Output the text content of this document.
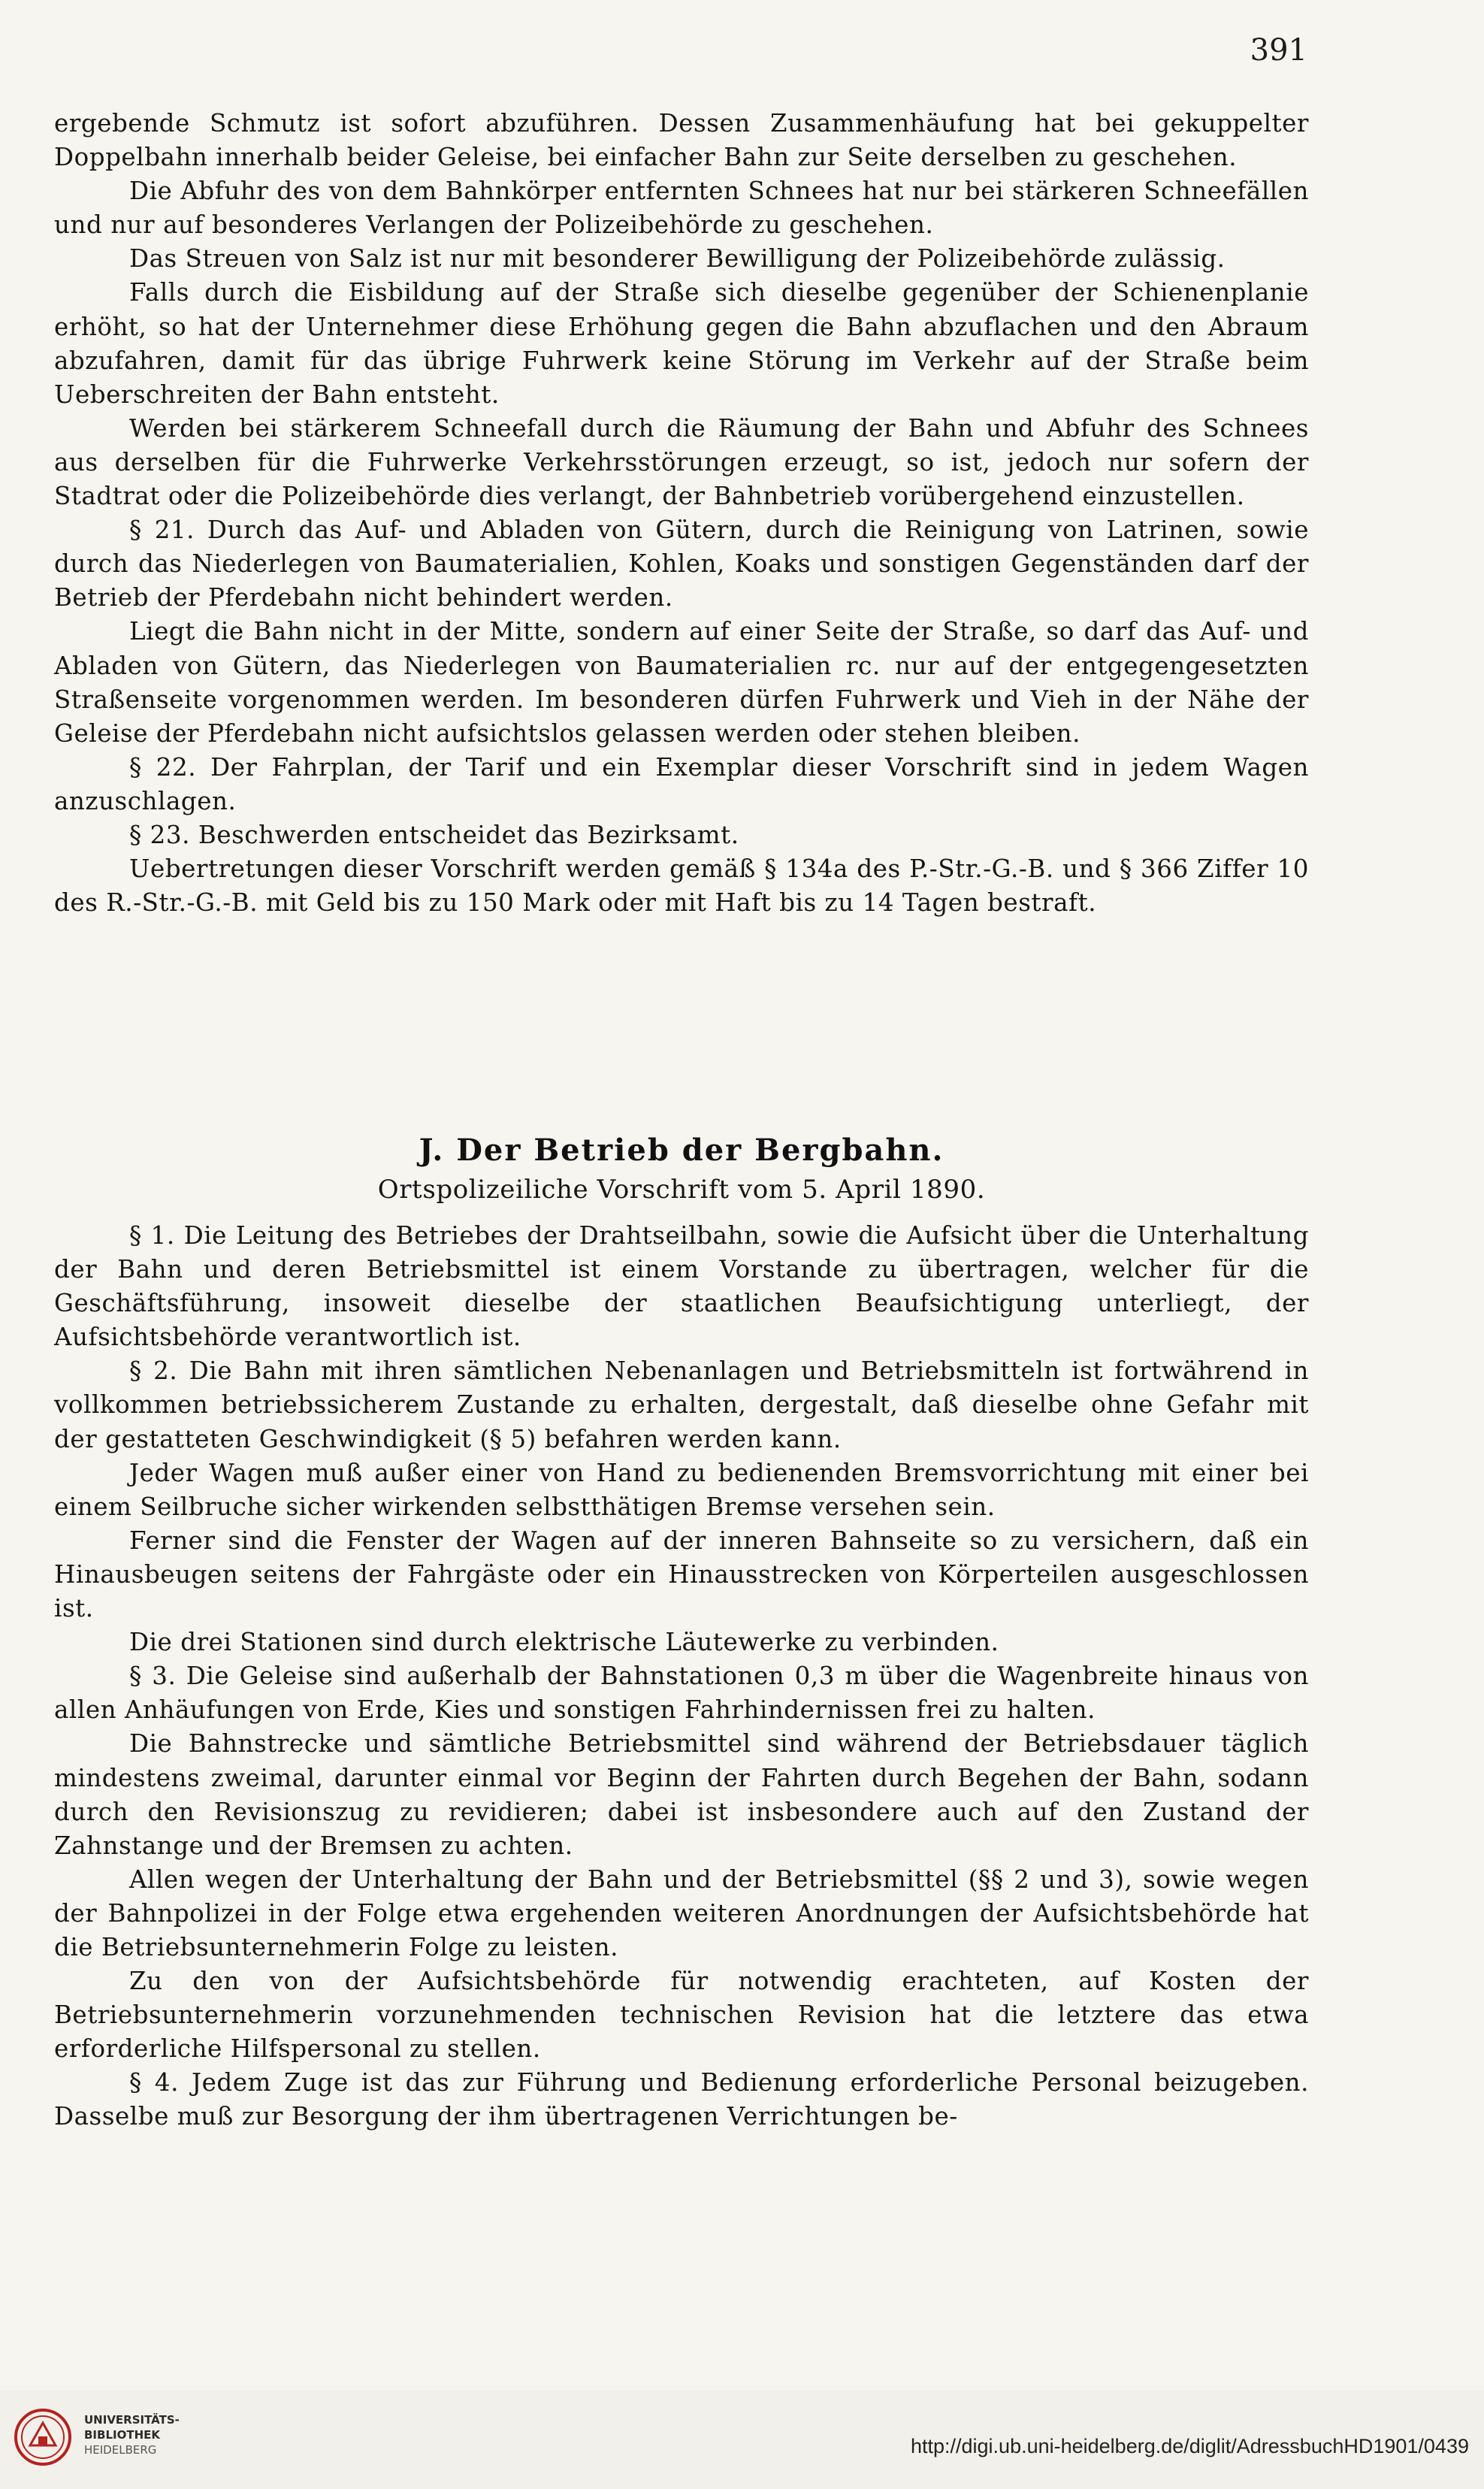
391

ergebende Schmutz ist sofort abzuführen. Dessen Zusammenhäufung hat bei gekuppelter Doppelbahn innerhalb beider Geleise, bei einfacher Bahn zur Seite derselben zu geschehen.

Die Abfuhr des von dem Bahnkörper entfernten Schnees hat nur bei stärkeren Schneefällen und nur auf besonderes Verlangen der Polizeibehörde zu geschehen.

Das Streuen von Salz ist nur mit besonderer Bewilligung der Polizeibehörde zulässig.

Falls durch die Eisbildung auf der Straße sich dieselbe gegenüber der Schienenplanie erhöht, so hat der Unternehmer diese Erhöhung gegen die Bahn abzuflachen und den Abraum abzufahren, damit für das übrige Fuhrwerk keine Störung im Verkehr auf der Straße beim Ueberschreiten der Bahn entsteht.

Werden bei stärkerem Schneefall durch die Räumung der Bahn und Abfuhr des Schnees aus derselben für die Fuhrwerke Verkehrsstörungen erzeugt, so ist, jedoch nur sofern der Stadtrat oder die Polizeibehörde dies verlangt, der Bahnbetrieb vorübergehend einzustellen.

§ 21. Durch das Auf- und Abladen von Gütern, durch die Reinigung von Latrinen, sowie durch das Niederlegen von Baumaterialien, Kohlen, Koaks und sonstigen Gegenständen darf der Betrieb der Pferdebahn nicht behindert werden.

Liegt die Bahn nicht in der Mitte, sondern auf einer Seite der Straße, so darf das Auf- und Abladen von Gütern, das Niederlegen von Baumaterialien rc. nur auf der entgegengesetzten Straßenseite vorgenommen werden. Im besonderen dürfen Fuhrwerk und Vieh in der Nähe der Geleise der Pferdebahn nicht aufsichtslos gelassen werden oder stehen bleiben.

§ 22. Der Fahrplan, der Tarif und ein Exemplar dieser Vorschrift sind in jedem Wagen anzuschlagen.

§ 23. Beschwerden entscheidet das Bezirksamt.

Uebertretungen dieser Vorschrift werden gemäß § 134a des P.-Str.-G.-B. und § 366 Ziffer 10 des R.-Str.-G.-B. mit Geld bis zu 150 Mark oder mit Haft bis zu 14 Tagen bestraft.

J. Der Betrieb der Bergbahn.
Ortspolizeiliche Vorschrift vom 5. April 1890.

§ 1. Die Leitung des Betriebes der Drahtseilbahn, sowie die Aufsicht über die Unterhaltung der Bahn und deren Betriebsmittel ist einem Vorstande zu übertragen, welcher für die Geschäftsführung, insoweit dieselbe der staatlichen Beaufsichtigung unterliegt, der Aufsichtsbehörde verantwortlich ist.

§ 2. Die Bahn mit ihren sämtlichen Nebenanlagen und Betriebsmitteln ist fortwährend in vollkommen betriebssicherem Zustande zu erhalten, dergestalt, daß dieselbe ohne Gefahr mit der gestatteten Geschwindigkeit (§ 5) befahren werden kann.

Jeder Wagen muß außer einer von Hand zu bedienenden Bremsvorrichtung mit einer bei einem Seilbruche sicher wirkenden selbstthätigen Bremse versehen sein.

Ferner sind die Fenster der Wagen auf der inneren Bahnseite so zu versichern, daß ein Hinausbeugen seitens der Fahrgäste oder ein Hinausstrecken von Körperteilen ausgeschlossen ist.

Die drei Stationen sind durch elektrische Läutewerke zu verbinden.

§ 3. Die Geleise sind außerhalb der Bahnstationen 0,3 m über die Wagenbreite hinaus von allen Anhäufungen von Erde, Kies und sonstigen Fahrhindernissen frei zu halten.

Die Bahnstrecke und sämtliche Betriebsmittel sind während der Betriebsdauer täglich mindestens zweimal, darunter einmal vor Beginn der Fahrten durch Begehen der Bahn, sodann durch den Revisionszug zu revidieren; dabei ist insbesondere auch auf den Zustand der Zahnstange und der Bremsen zu achten.

Allen wegen der Unterhaltung der Bahn und der Betriebsmittel (§§ 2 und 3), sowie wegen der Bahnpolizei in der Folge etwa ergehenden weiteren Anordnungen der Aufsichtsbehörde hat die Betriebsunternehmerin Folge zu leisten.

Zu den von der Aufsichtsbehörde für notwendig erachteten, auf Kosten der Betriebsunternehmerin vorzunehmenden technischen Revision hat die letztere das etwa erforderliche Hilfspersonal zu stellen.

§ 4. Jedem Zuge ist das zur Führung und Bedienung erforderliche Personal beizugeben. Dasselbe muß zur Besorgung der ihm übertragenen Verrichtungen be-

UNIVERSITÄTS-
BIBLIOTHEK
HEIDELBERG	http://digi.ub.uni-heidelberg.de/diglit/AdressbuchHD1901/0439
